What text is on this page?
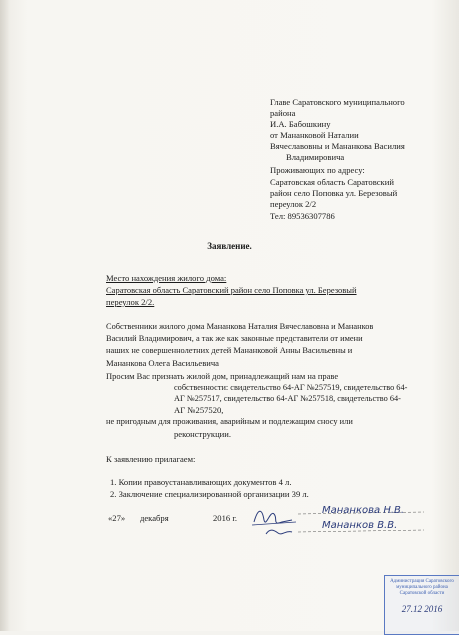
Главе Саратовского муниципального
района
И.А. Бабошкину
от Мананковой Наталии
Вячеславовны и Мананкова Василия
Владимировича
Проживающих по адресу:
Саратовская область Саратовский
район село Поповка ул. Березовый
переулок 2/2
Тел: 89536307786
Заявление.
Место нахождения жилого дома:
Саратовская область Саратовский район село Поповка ул. Березовый
переулок 2/2.
Собственники жилого дома Мананкова Наталия Вячеславовна и Мананков
Василий Владимирович, а так же как законные представители от имени
наших не совершеннолетних детей Мананковой Анны Васильевны и
Мананкова Олега Васильевича
Просим Вас признать жилой дом, принадлежащий нам на праве
собственности: свидетельство 64-АГ №257519, свидетельство 64-
АГ №257517, свидетельство 64-АГ №257518, свидетельство 64-
АГ №257520,
не пригодным для проживания, аварийным и подлежащим сносу или
реконструкции.
К заявлению прилагаем:
1. Копии правоустанавливающих документов 4 л.
2. Заключение специализированной организации 39 л.
«27» декабря	2016 г.
Мананкова Н.В.
Мананков В.В.
Администрация Саратовского
муниципального района
Саратовской области
27.12 2016
